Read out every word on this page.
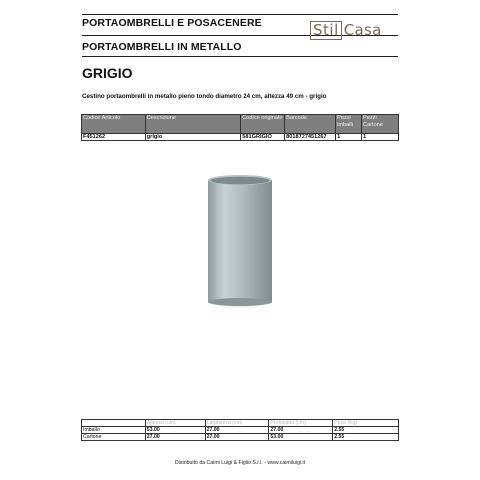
PORTAOMBRELLI E POSACENERE
PORTAOMBRELLI IN METALLO
Stil Casa
GRIGIO
Cestino portaombrelli in metallo pieno tondo diametro 24 cm, altezza 49 cm - grigio
Codice Articolo	Descrizione	Codice originale	Barcode	Pezzi imballi	Pezzi Cartone
F451262	grigio	581GRIGIO	8018727451267	1	1
	Altezza (cm)	Larghezza (cm)	Profondita (cm)	Peso (Kg)
Imballo	53.00	27.00	27.00	2.55
Cartone	27.00	27.00	53.00	2.55
Distribuito da Caimi Luigi & Figlio S.r.l. - www.caimiluigi.it
